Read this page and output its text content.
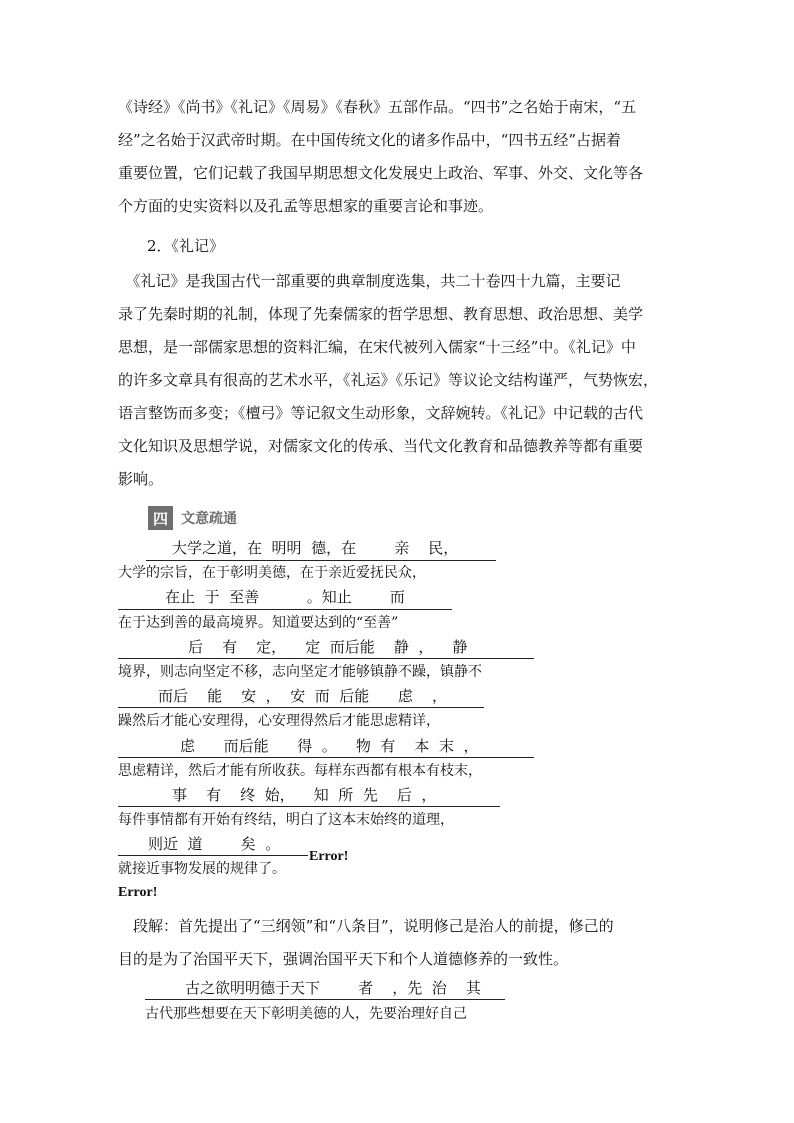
《诗经》《尚书》《礼记》《周易》《春秋》五部作品。“四书”之名始于南宋，“五
经”之名始于汉武帝时期。在中国传统文化的诸多作品中，“四书五经”占据着
重要位置，它们记载了我国早期思想文化发展史上政治、军事、外交、文化等各
个方面的史实资料以及孔孟等思想家的重要言论和事迹。
2．《礼记》
　《礼记》是我国古代一部重要的典章制度选集，共二十卷四十九篇，主要记
录了先秦时期的礼制，体现了先秦儒家的哲学思想、教育思想、政治思想、美学
思想，是一部儒家思想的资料汇编，在宋代被列入儒家“十三经”中。《礼记》中
的许多文章具有很高的艺术水平，《礼运》《乐记》等议论文结构谨严，气势恢宏，
语言整饬而多变；《檀弓》等记叙文生动形象，文辞婉转。《礼记》中记载的古代
文化知识及思想学说，对儒家文化的传承、当代文化教育和品德教养等都有重要
影响。
四 文意疏通
大学之道，在  明明  德，在        亲    民，
大学的宗旨，在于彰明美德，在于亲近爱抚民众，
在止  于  至善          。知止        而
在于达到善的最高境界。知道要达到的“至善”
后    有    定，    定  而后能    静  ，    静
境界，则志向坚定不移，志向坚定才能够镇静不躁，镇静不
而后    能    安  ，  安  而  后能      虑    ，
躁然后才能心安理得，心安理得然后才能思虑精详，
虑      而后能      得  。    物  有    本  末  ，
思虑精详，然后才能有所收获。每样东西都有根本有枝末，
事    有    终  始，    知  所  先    后  ，
每件事情都有开始有终结，明白了这本末始终的道理，
则近  道        矣  。
就接近事物发展的规律了。
Error!
Error!
　段解：首先提出了“三纲领”和“八条目”，说明修己是治人的前提，修己的
目的是为了治国平天下，强调治国平天下和个人道德修养的一致性。
古之欲明明德于天下        者    ，先  治    其
古代那些想要在天下彰明美德的人，先要治理好自己
